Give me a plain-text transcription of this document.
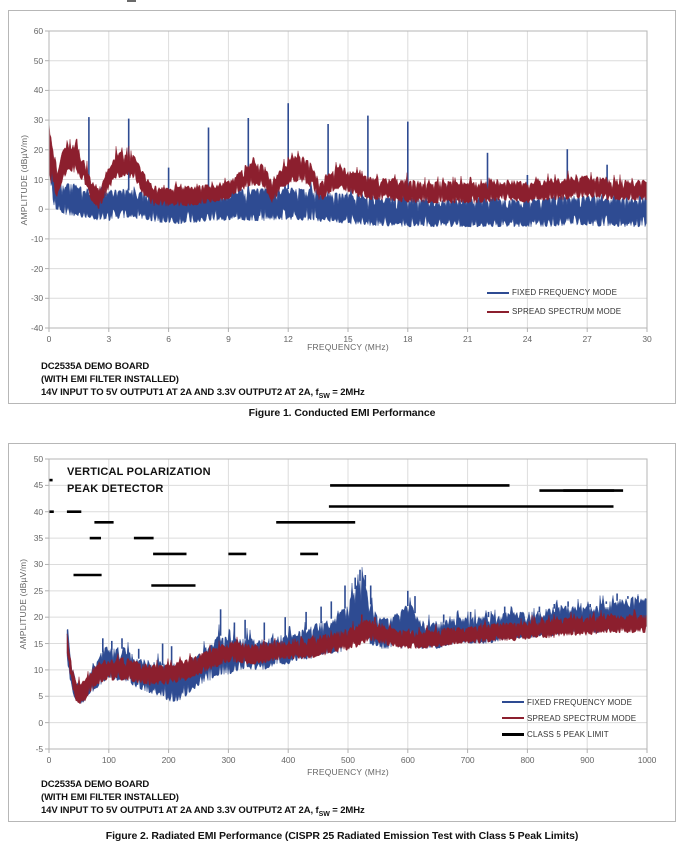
AMPLITUDE (dBµV/m)
FREQUENCY (MHz)
FIXED FREQUENCY MODE
SPREAD SPECTRUM MODE
DC2535A DEMO BOARD
(WITH EMI FILTER INSTALLED)
14V INPUT TO 5V OUTPUT1 AT 2A AND 3.3V OUTPUT2 AT 2A, $f_{SW} = 2MHz$
60
50
40
30
20
10
0
-10
-20
-30
-40
0	3	6	9	12	15	18	21	24	27	30
Figure 1. Conducted EMI Performance
VERTICAL POLARIZATION
PEAK DETECTOR
AMPLITUDE (dBµV/m)
FREQUENCY (MHz)
FIXED FREQUENCY MODE
SPREAD SPECTRUM MODE
CLASS 5 PEAK LIMIT
DC2535A DEMO BOARD
(WITH EMI FILTER INSTALLED)
14V INPUT TO 5V OUTPUT1 AT 2A AND 3.3V OUTPUT2 AT 2A, $f_{SW} = 2MHz$
50
45
40
35
30
25
20
15
10
5
0
-5
0	100	200	300	400	500	600	700	800	900	1000
Figure 2. Radiated EMI Performance (CISPR 25 Radiated Emission Test with Class 5 Peak Limits)
